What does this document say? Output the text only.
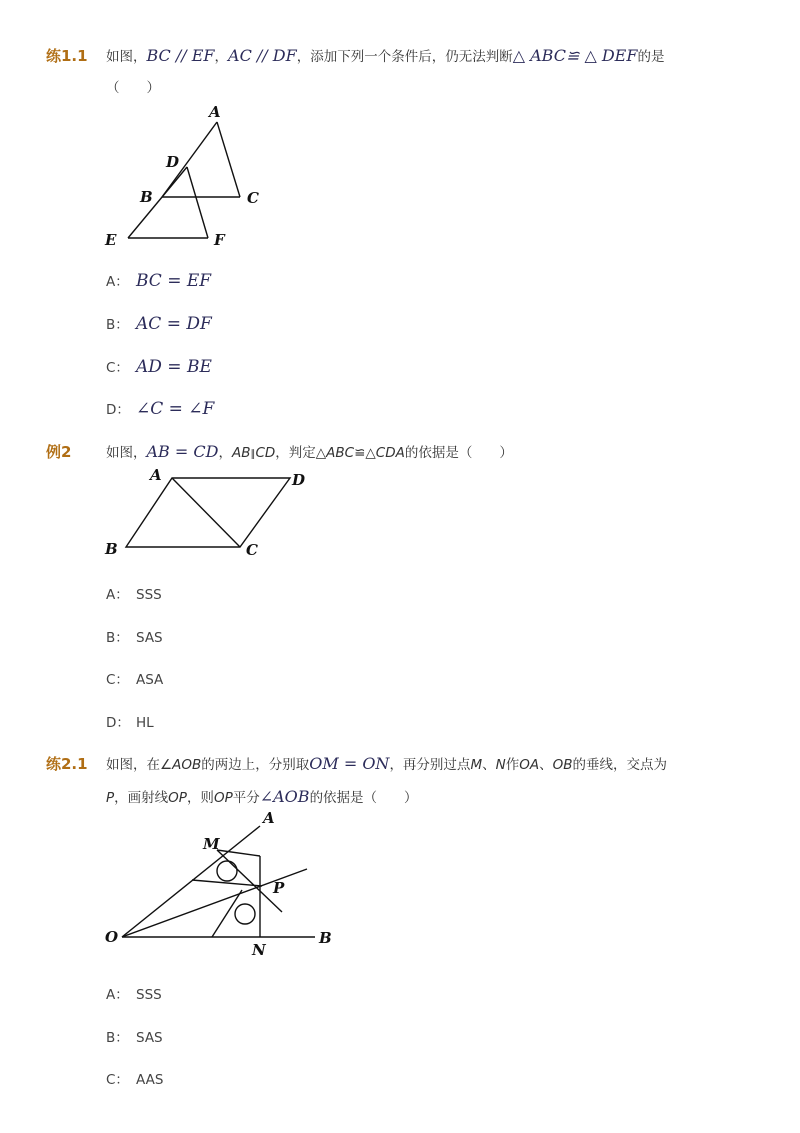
练1.1 如图，BC // EF，AC // DF，添加下列一个条件后，仍无法判断△ ABC≌ △ DEF的是
（　　）
A
D
B	C
E	F
A： BC = EF
B： AC = DF
C： AD = BE
D： ∠C = ∠F
例2	如图，AB = CD，AB∥CD，判定△ABC≌△CDA的依据是（　　）
A	D
B	C
A： SSS
B： SAS
C： ASA
D： HL
练2.1 如图，在∠AOB的两边上，分别取OM = ON，再分别过点M、N作OA、OB的垂线，交点为
P，画射线OP，则OP平分∠AOB的依据是（　　）
A
M
P
O
N
B
A： SSS
B： SAS
C： AAS
